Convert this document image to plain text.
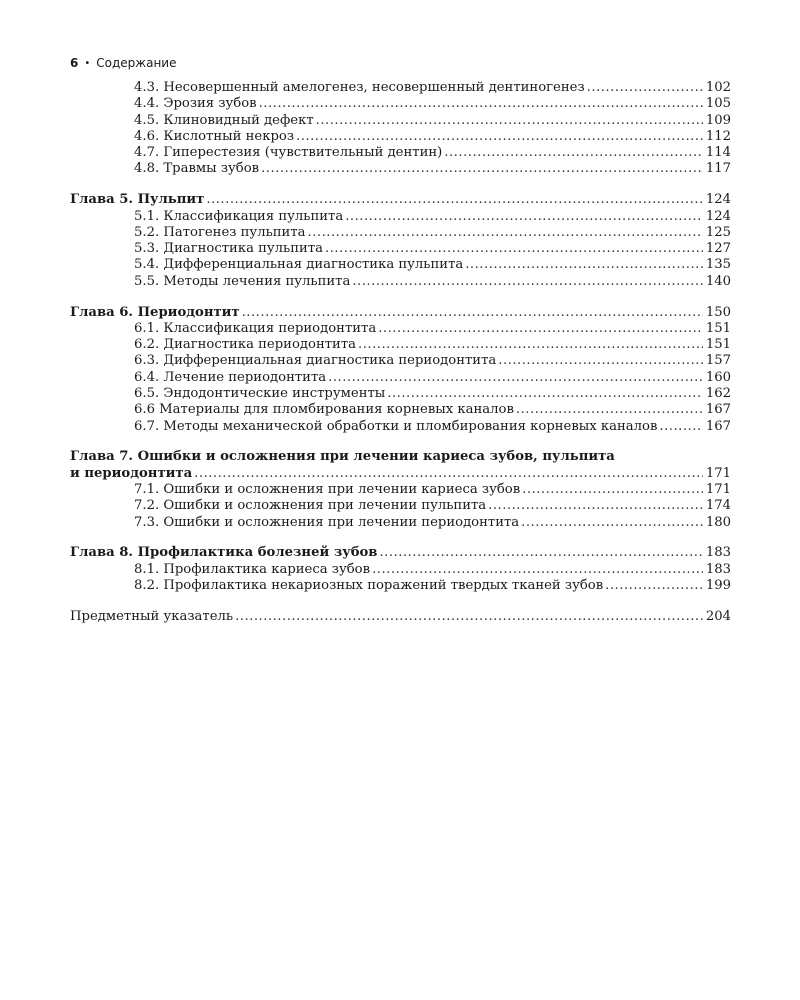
6 • Содержание
4.3. Несовершенный амелогенез, несовершенный дентиногенез .....	102
4.4. Эрозия зубов .....	105
4.5. Клиновидный дефект .....	109
4.6. Кислотный некроз .....	112
4.7. Гиперестезия (чувствительный дентин) .....	114
4.8. Травмы зубов .....	117
Глава 5. Пульпит .....	124
5.1. Классификация пульпита .....	124
5.2. Патогенез пульпита .....	125
5.3. Диагностика пульпита .....	127
5.4. Дифференциальная диагностика пульпита .....	135
5.5. Методы лечения пульпита .....	140
Глава 6. Периодонтит .....	150
6.1. Классификация периодонтита .....	151
6.2. Диагностика периодонтита .....	151
6.3. Дифференциальная диагностика периодонтита .....	157
6.4. Лечение периодонтита .....	160
6.5. Эндодонтические инструменты .....	162
6.6 Материалы для пломбирования корневых каналов .....	167
6.7. Методы механической обработки и пломбирования корневых каналов .....	167
Глава 7. Ошибки и осложнения при лечении кариеса зубов, пульпита
и периодонтита .....	171
7.1. Ошибки и осложнения при лечении кариеса зубов .....	171
7.2. Ошибки и осложнения при лечении пульпита .....	174
7.3. Ошибки и осложнения при лечении периодонтита .....	180
Глава 8. Профилактика болезней зубов .....	183
8.1. Профилактика кариеса зубов .....	183
8.2. Профилактика некариозных поражений твердых тканей зубов .....	199
Предметный указатель .....	204
